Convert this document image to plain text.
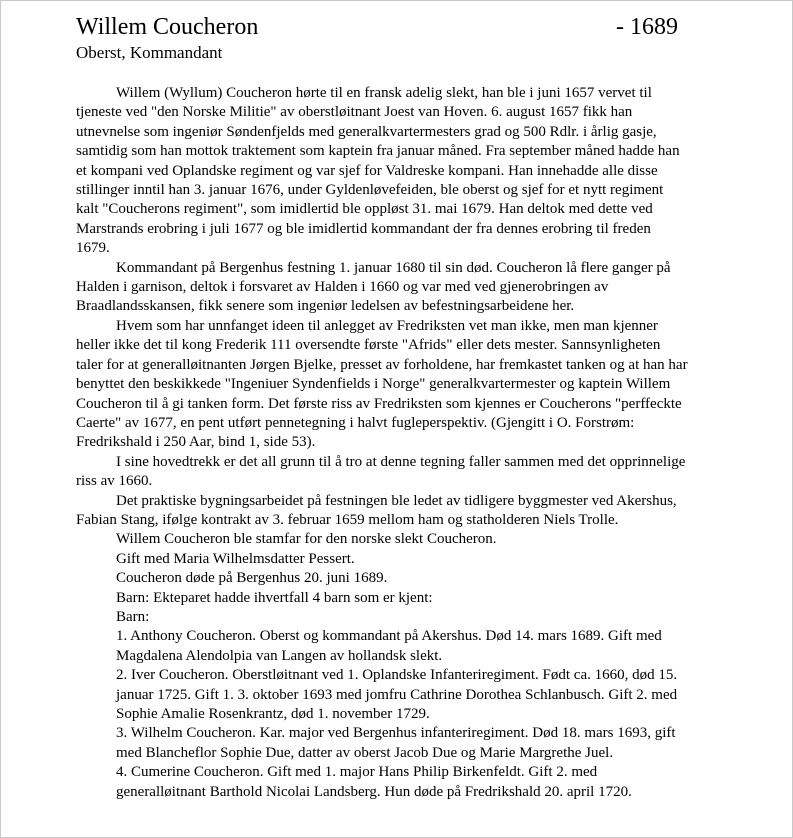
Willem Coucheron	- 1689
Oberst, Kommandant

Willem (Wyllum) Coucheron hørte til en fransk adelig slekt, han ble i juni 1657 vervet til tjeneste ved "den Norske Militie" av oberstløitnant Joest van Hoven. 6. august 1657 fikk han utnevnelse som ingeniør Søndenfjelds med generalkvartermesters grad og 500 Rdlr. i årlig gasje, samtidig som han mottok traktement som kaptein fra januar måned. Fra september måned hadde han et kompani ved Oplandske regiment og var sjef for Valdreske kompani. Han innehadde alle disse stillinger inntil han 3. januar 1676, under Gyldenløvefeiden, ble oberst og sjef for et nytt regiment kalt "Coucherons regiment", som imidlertid ble oppløst 31. mai 1679. Han deltok med dette ved Marstrands erobring i juli 1677 og ble imidlertid kommandant der fra dennes erobring til freden 1679.

Kommandant på Bergenhus festning 1. januar 1680 til sin død. Coucheron lå flere ganger på Halden i garnison, deltok i forsvaret av Halden i 1660 og var med ved gjenerobringen av Braadlandsskansen, fikk senere som ingeniør ledelsen av befestningsarbeidene her.

Hvem som har unnfanget ideen til anlegget av Fredriksten vet man ikke, men man kjenner heller ikke det til kong Frederik 111 oversendte første "Afrids" eller dets mester. Sannsynligheten taler for at generalløitnanten Jørgen Bjelke, presset av forholdene, har fremkastet tanken og at han har benyttet den beskikkede "Ingeniuer Syndenfields i Norge" generalkvartermester og kaptein Willem Coucheron til å gi tanken form. Det første riss av Fredriksten som kjennes er Coucherons "perffeckte Caerte" av 1677, en pent utført pennetegning i halvt fugleperspektiv. (Gjengitt i O. Forstrøm: Fredrikshald i 250 Aar, bind 1, side 53).

I sine hovedtrekk er det all grunn til å tro at denne tegning faller sammen med det opprinnelige riss av 1660.

Det praktiske bygningsarbeidet på festningen ble ledet av tidligere byggmester ved Akershus, Fabian Stang, ifølge kontrakt av 3. februar 1659 mellom ham og statholderen Niels Trolle.

Willem Coucheron ble stamfar for den norske slekt Coucheron.

Gift med Maria Wilhelmsdatter Pessert.

Coucheron døde på Bergenhus 20. juni 1689.

Barn: Ekteparet hadde ihvertfall 4 barn som er kjent:

Barn:

1. Anthony Coucheron. Oberst og kommandant på Akershus. Død 14. mars 1689. Gift med Magdalena Alendolpia van Langen av hollandsk slekt.

2. Iver Coucheron. Oberstløitnant ved 1. Oplandske Infanteriregiment. Født ca. 1660, død 15. januar 1725. Gift 1. 3. oktober 1693 med jomfru Cathrine Dorothea Schlanbusch. Gift 2. med Sophie Amalie Rosenkrantz, død 1. november 1729.

3. Wilhelm Coucheron. Kar. major ved Bergenhus infanteriregiment. Død 18. mars 1693, gift med Blancheflor Sophie Due, datter av oberst Jacob Due og Marie Margrethe Juel.

4. Cumerine Coucheron. Gift med 1. major Hans Philip Birkenfeldt. Gift 2. med generalløitnant Barthold Nicolai Landsberg. Hun døde på Fredrikshald 20. april 1720.
